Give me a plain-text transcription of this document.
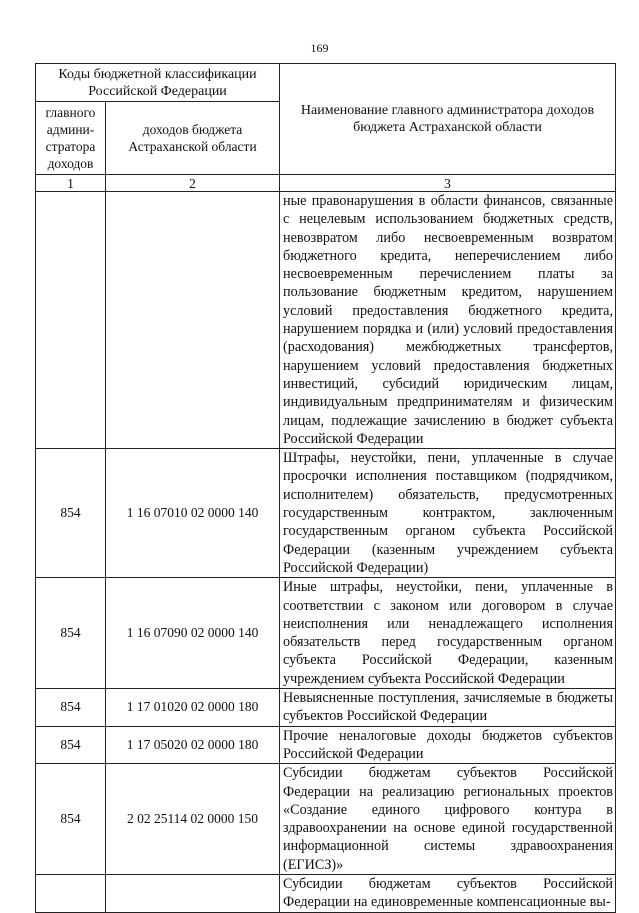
169
Коды бюджетной классификации Российской Федерации		Наименование главного администратора доходов бюджета Астраханской области
главного админи-стратора доходов	доходов бюджета Астраханской области	
1	2	3
		ные правонарушения в области финансов, связанные с нецелевым использованием бюджетных средств, невозвратом либо несвоевременным возвратом бюджетного кредита, неперечислением либо несвоевременным перечислением платы за пользование бюджетным кредитом, нарушением условий предоставления бюджетного кредита, нарушением порядка и (или) условий предоставления (расходования) межбюджетных трансфертов, нарушением условий предоставления бюджетных инвестиций, субсидий юридическим лицам, индивидуальным предпринимателям и физическим лицам, подлежащие зачислению в бюджет субъекта Российской Федерации
854	1 16 07010 02 0000 140	Штрафы, неустойки, пени, уплаченные в случае просрочки исполнения поставщиком (подрядчиком, исполнителем) обязательств, предусмотренных государственным контрактом, заключенным государственным органом субъекта Российской Федерации (казенным учреждением субъекта Российской Федерации)
854	1 16 07090 02 0000 140	Иные штрафы, неустойки, пени, уплаченные в соответствии с законом или договором в случае неисполнения или ненадлежащего исполнения обязательств перед государственным органом субъекта Российской Федерации, казенным учреждением субъекта Российской Федерации
854	1 17 01020 02 0000 180	Невыясненные поступления, зачисляемые в бюджеты субъектов Российской Федерации
854	1 17 05020 02 0000 180	Прочие неналоговые доходы бюджетов субъектов Российской Федерации
854	2 02 25114 02 0000 150	Субсидии бюджетам субъектов Российской Федерации на реализацию региональных проектов «Создание единого цифрового контура в здравоохранении на основе единой государственной информационной системы здравоохранения (ЕГИСЗ)»
		Субсидии бюджетам субъектов Российской Федерации на единовременные компенсационные вы-
